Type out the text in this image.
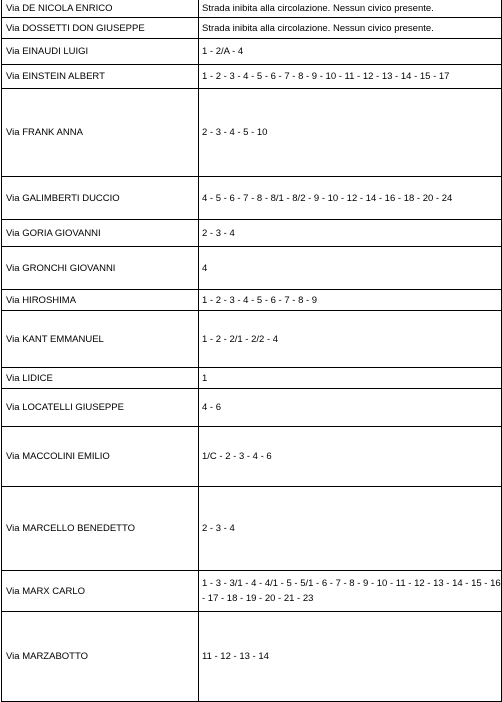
Via DE NICOLA ENRICO	Strada inibita alla circolazione. Nessun civico presente.
Via DOSSETTI DON GIUSEPPE	Strada inibita alla circolazione. Nessun civico presente.
Via EINAUDI LUIGI	1 - 2/A - 4
Via EINSTEIN ALBERT	1 - 2 - 3 - 4 - 5 - 6 - 7 - 8 - 9 - 10 - 11 - 12 - 13 - 14 - 15 - 17
Via FRANK ANNA	2 - 3 - 4 - 5 - 10
Via GALIMBERTI DUCCIO	4 - 5 - 6 - 7 - 8 - 8/1 - 8/2 - 9 - 10 - 12 - 14 - 16 - 18 - 20 - 24
Via GORIA GIOVANNI	2 - 3 - 4
Via GRONCHI GIOVANNI	4
Via HIROSHIMA	1 - 2 - 3 - 4 - 5 - 6 - 7 - 8 - 9
Via KANT EMMANUEL	1 - 2 - 2/1 - 2/2 - 4
Via LIDICE	1
Via LOCATELLI GIUSEPPE	4 - 6
Via MACCOLINI EMILIO	1/C - 2 - 3 - 4 - 6
Via MARCELLO BENEDETTO	2 - 3 - 4
Via MARX CARLO	1 - 3 - 3/1 - 4 - 4/1 - 5 - 5/1 - 6 - 7 - 8 - 9 - 10 - 11 - 12 - 13 - 14 - 15 - 16 - 17 - 18 - 19 - 20 - 21 - 23
Via MARZABOTTO	11 - 12 - 13 - 14
